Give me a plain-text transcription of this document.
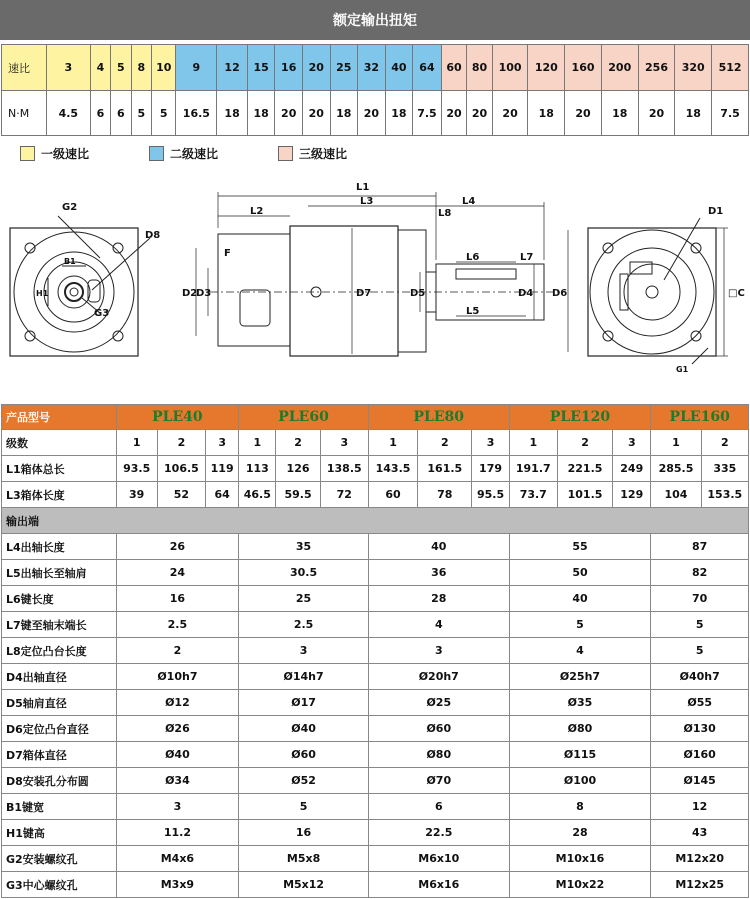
额定输出扭矩
速比	3	4	5	8	10	9	12	15	16	20	25	32	40	64	60	80	100	120	160	200	256	320	512
N·M	4.5	6	6	5	5	16.5	18	18	20	20	18	20	18	7.5	20	20	20	18	20	18	20	18	7.5
一级速比	二级速比	三级速比
G2
D8
B1
H1
G3
L1
L2
L3	L4
L8
F	L6	L7
L5
D2
D3	D7	D5	D4 D6
D1
□C
G1
产品型号	PLE40			PLE60			PLE80			PLE120			PLE160	
级数	1	2	3	1	2	3	1	2	3	1	2	3	1	2
L1箱体总长	93.5	106.5	119	113	126	138.5	143.5	161.5	179	191.7	221.5	249	285.5	335
L3箱体长度	39	52	64	46.5	59.5	72	60	78	95.5	73.7	101.5	129	104	153.5
输出端														
L4出轴长度	26			35			40			55			87	
L5出轴长至轴肩	24			30.5			36			50			82	
L6键长度	16			25			28			40			70	
L7键至轴末端长	2.5			2.5			4			5			5	
L8定位凸台长度	2			3			3			4			5	
D4出轴直径	Ø10h7			Ø14h7			Ø20h7			Ø25h7			Ø40h7	
D5轴肩直径	Ø12			Ø17			Ø25			Ø35			Ø55	
D6定位凸台直径	Ø26			Ø40			Ø60			Ø80			Ø130	
D7箱体直径	Ø40			Ø60			Ø80			Ø115			Ø160	
D8安装孔分布圆	Ø34			Ø52			Ø70			Ø100			Ø145	
B1键宽	3			5			6			8			12	
H1键高	11.2			16			22.5			28			43	
G2安装螺纹孔	M4x6			M5x8			M6x10			M10x16			M12x20	
G3中心螺纹孔	M3x9			M5x12			M6x16			M10x22			M12x25	
